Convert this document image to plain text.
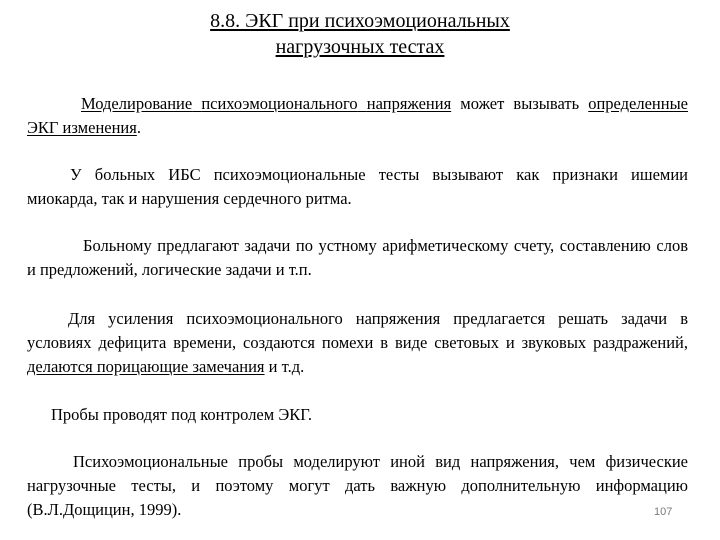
8.8. ЭКГ при психоэмоциональных
нагрузочных тестах

Моделирование психоэмоционального напряжения может вызывать определенные ЭКГ изменения.

У больных ИБС психоэмоциональные тесты вызывают как признаки ишемии миокарда, так и нарушения сердечного ритма.

Больному предлагают задачи по устному арифметическому счету, составлению слов и предложений, логические задачи и т.п.

Для усиления психоэмоционального напряжения предлагается решать задачи в условиях дефицита времени, создаются помехи в виде световых и звуковых раздражений, делаются порицающие замечания и т.д.

Пробы проводят под контролем ЭКГ.

Психоэмоциональные пробы моделируют иной вид напряжения, чем физические нагрузочные тесты, и поэтому могут дать важную дополнительную информацию (В.Л.Дощицин, 1999).	107
